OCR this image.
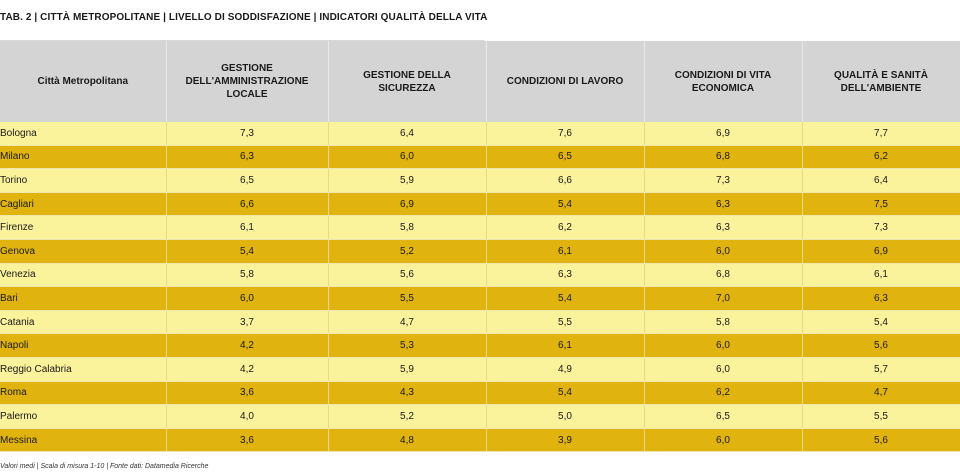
TAB. 2 | CITTÀ METROPOLITANE | LIVELLO DI SODDISFAZIONE | INDICATORI QUALITÀ DELLA VITA
Città Metropolitana	GESTIONE DELL'AMMINISTRAZIONE LOCALE	GESTIONE DELLA SICUREZZA	CONDIZIONI DI LAVORO	CONDIZIONI DI VITA ECONOMICA	QUALITÀ E SANITÀ DELL'AMBIENTE
Bologna	7,3	6,4	7,6	6,9	7,7
Milano	6,3	6,0	6,5	6,8	6,2
Torino	6,5	5,9	6,6	7,3	6,4
Cagliari	6,6	6,9	5,4	6,3	7,5
Firenze	6,1	5,8	6,2	6,3	7,3
Genova	5,4	5,2	6,1	6,0	6,9
Venezia	5,8	5,6	6,3	6,8	6,1
Bari	6,0	5,5	5,4	7,0	6,3
Catania	3,7	4,7	5,5	5,8	5,4
Napoli	4,2	5,3	6,1	6,0	5,6
Reggio Calabria	4,2	5,9	4,9	6,0	5,7
Roma	3,6	4,3	5,4	6,2	4,7
Palermo	4,0	5,2	5,0	6,5	5,5
Messina	3,6	4,8	3,9	6,0	5,6
Valori medi | Scala di misura 1-10 | Fonte dati: Datamedia Ricerche
